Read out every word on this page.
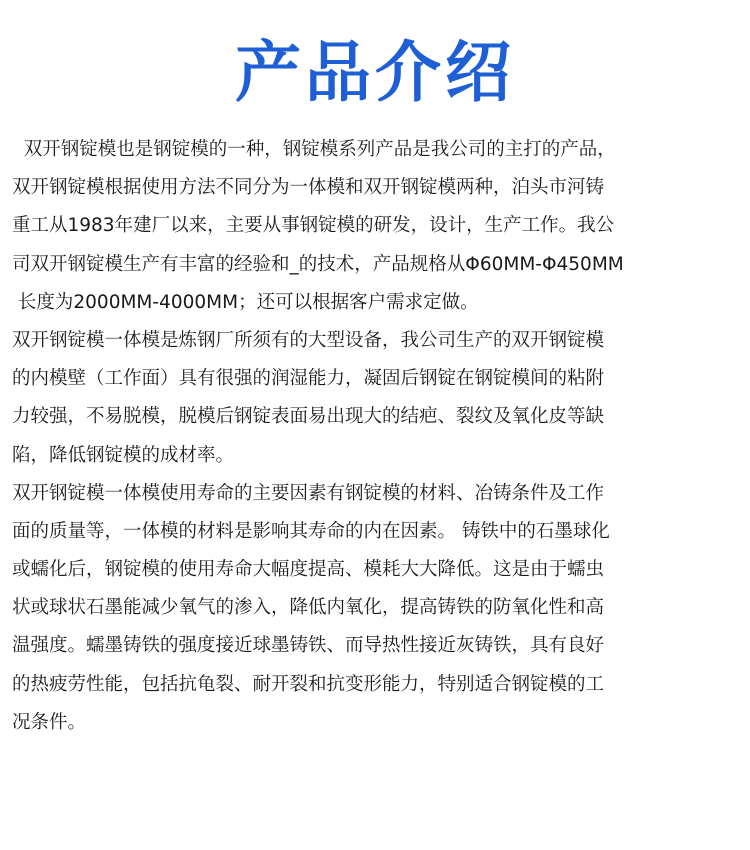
产品介绍
双开钢锭模也是钢锭模的一种，钢锭模系列产品是我公司的主打的产品，
双开钢锭模根据使用方法不同分为一体模和双开钢锭模两种，泊头市河铸
重工从1983年建厂以来，主要从事钢锭模的研发，设计，生产工作。我公
司双开钢锭模生产有丰富的经验和_的技术，产品规格从Φ60MM-Φ450MM
长度为2000MM-4000MM；还可以根据客户需求定做。
双开钢锭模一体模是炼钢厂所须有的大型设备，我公司生产的双开钢锭模
的内模壁（工作面）具有很强的润湿能力，凝固后钢锭在钢锭模间的粘附
力较强，不易脱模，脱模后钢锭表面易出现大的结疤、裂纹及氧化皮等缺
陷，降低钢锭模的成材率。
双开钢锭模一体模使用寿命的主要因素有钢锭模的材料、冶铸条件及工作
面的质量等，一体模的材料是影响其寿命的内在因素。 铸铁中的石墨球化
或蠕化后，钢锭模的使用寿命大幅度提高、模耗大大降低。这是由于蠕虫
状或球状石墨能减少氧气的渗入，降低内氧化，提高铸铁的防氧化性和高
温强度。蠕墨铸铁的强度接近球墨铸铁、而导热性接近灰铸铁，具有良好
的热疲劳性能，包括抗龟裂、耐开裂和抗变形能力，特别适合钢锭模的工
况条件。
